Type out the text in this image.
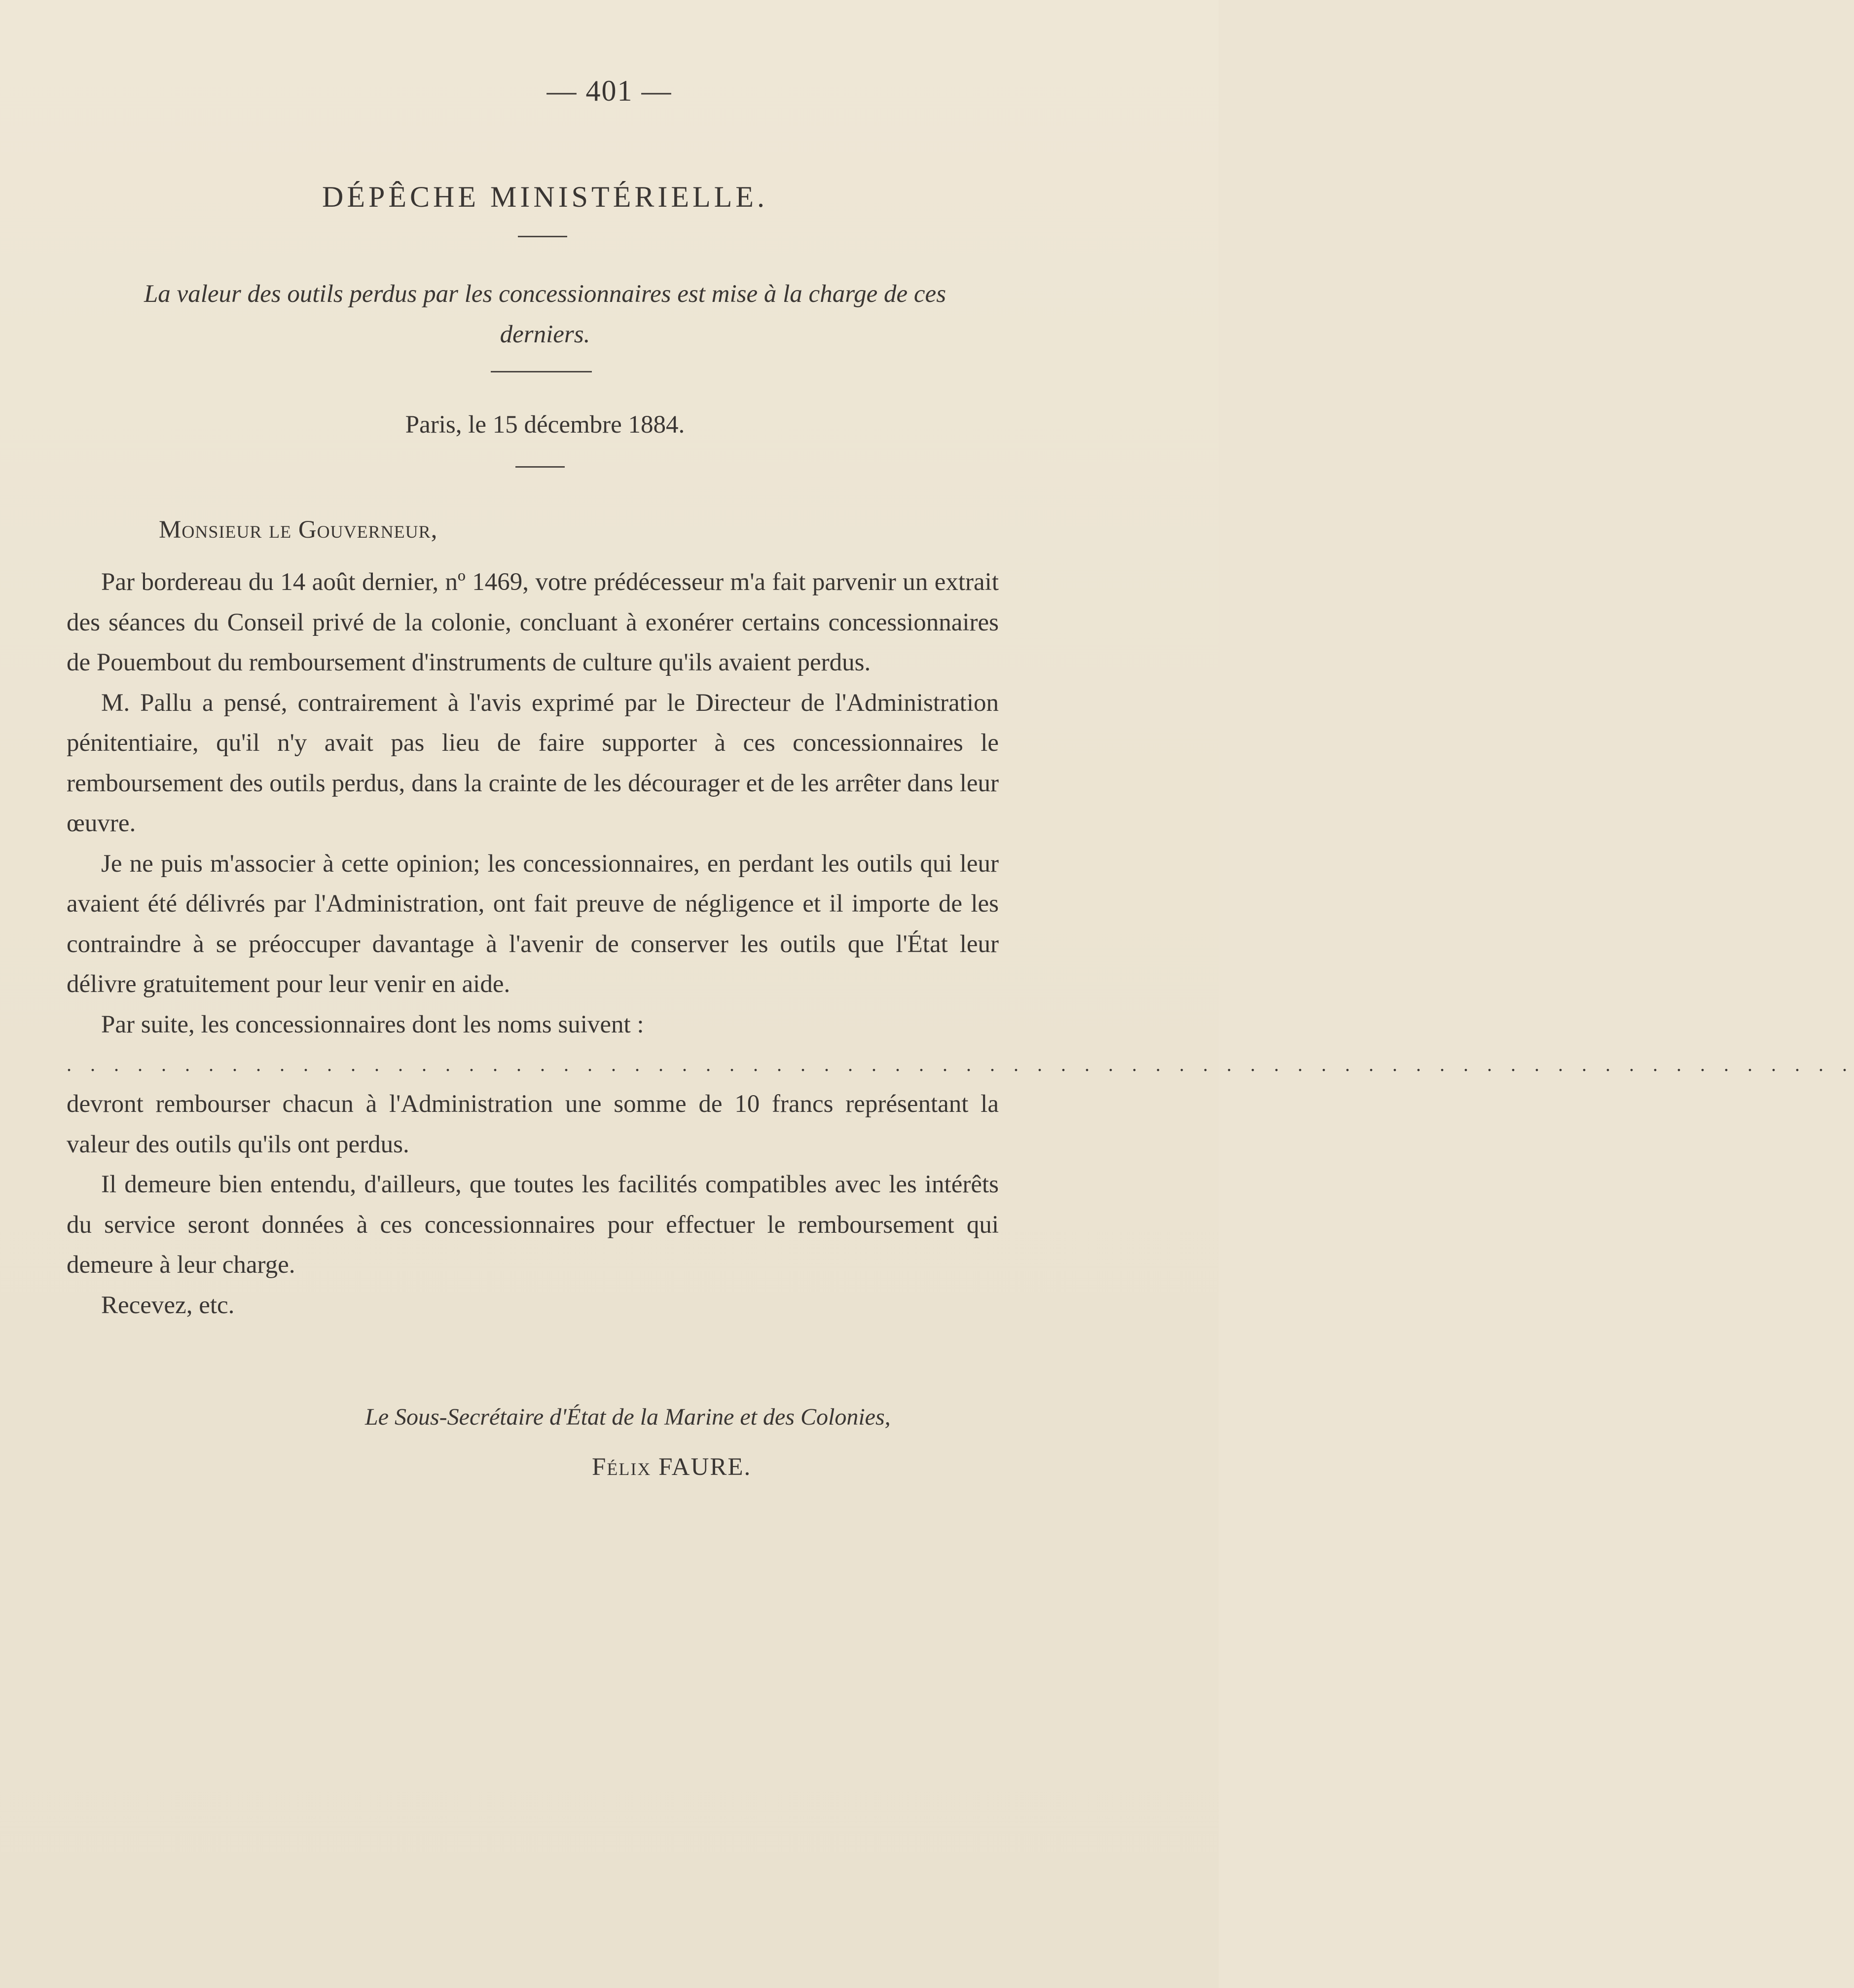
— 401 —
DÉPÊCHE MINISTÉRIELLE.
La valeur des outils perdus par les concessionnaires est mise à la charge de ces derniers.
Paris, le 15 décembre 1884.
Monsieur le Gouverneur,

Par bordereau du 14 août dernier, nº 1469, votre prédécesseur m'a fait parvenir un extrait des séances du Conseil privé de la colonie, concluant à exonérer certains concessionnaires de Pouembout du remboursement d'instruments de culture qu'ils avaient perdus.

M. Pallu a pensé, contrairement à l'avis exprimé par le Directeur de l'Administration pénitentiaire, qu'il n'y avait pas lieu de faire supporter à ces concessionnaires le remboursement des outils perdus, dans la crainte de les décourager et de les arrêter dans leur œuvre.

Je ne puis m'associer à cette opinion; les concessionnaires, en perdant les outils qui leur avaient été délivrés par l'Administration, ont fait preuve de négligence et il importe de les contraindre à se préoccuper davantage à l'avenir de conserver les outils que l'État leur délivre gratuitement pour leur venir en aide.

Par suite, les concessionnaires dont les noms suivent :

. . . . . . . . . . . . . . . . . . . . . . . . . . . . . . . . . . . . . . . . . . . . . . . . . . . . . . . . . . . . . . . . . . . . . . . . . . . .

devront rembourser chacun à l'Administration une somme de 10 francs représentant la valeur des outils qu'ils ont perdus.

Il demeure bien entendu, d'ailleurs, que toutes les facilités compatibles avec les intérêts du service seront données à ces concessionnaires pour effectuer le remboursement qui demeure à leur charge.

Recevez, etc.

Le Sous-Secrétaire d'État de la Marine et des Colonies,
Félix FAURE.
